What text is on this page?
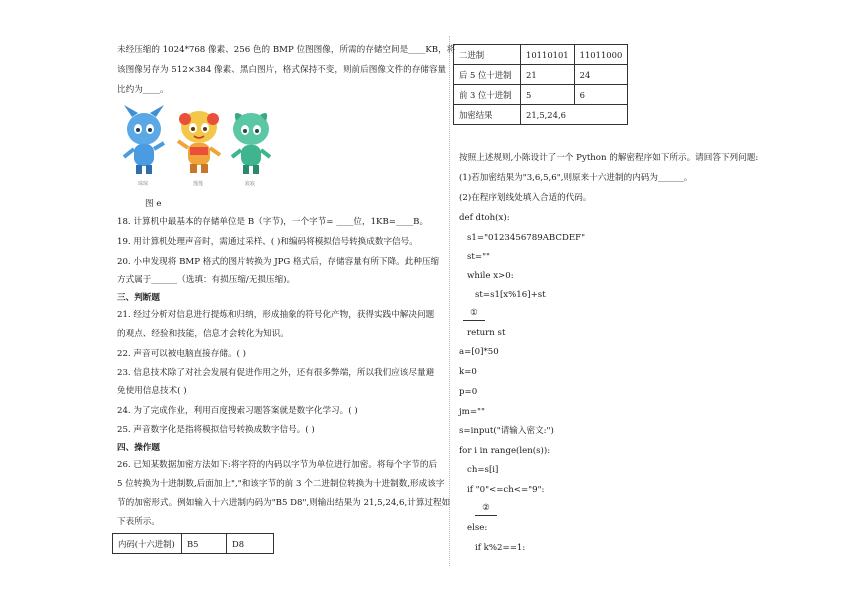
未经压缩的 1024*768 像素、256 色的 BMP 位图图像，所需的存储空间是____KB，将
该图像另存为 512×384 像素、黑白图片，格式保持不变，则前后图像文件的存储容量
比约为____。
琮琮	莲莲	宸宸
图 e
18. 计算机中最基本的存储单位是 B（字节)，一个字节= ____位，1KB=____B。
19. 用计算机处理声音时，需通过采样、( )和编码将模拟信号转换成数字信号。
20. 小申发现将 BMP 格式的图片转换为 JPG 格式后，存储容量有所下降。此种压缩
方式属于______（选填：有损压缩/无损压缩)。
三、判断题
21. 经过分析对信息进行提炼和归纳，形成抽象的符号化产物，获得实践中解决问题
的观点、经验和技能，信息才会转化为知识。
22. 声音可以被电脑直接存储。( )
23. 信息技术除了对社会发展有促进作用之外，还有很多弊端，所以我们应该尽量避
免使用信息技术( )
24. 为了完成作业，利用百度搜索习题答案就是数字化学习。( )
25. 声音数字化是指将模拟信号转换成数字信号。( )
四、操作题
26. 已知某数据加密方法如下:将字符的内码以字节为单位进行加密。将每个字节的后
5 位转换为十进制数,后面加上","和该字节的前 3 个二进制位转换为十进制数,形成该字
节的加密形式。例如输入十六进制内码为"B5 D8",则输出结果为 21,5,24,6,计算过程如
下表所示。
内码(十六进制)	B5	D8
二进制	10110101	11011000
后 5 位十进制	21	24
前 3 位十进制	5	6
加密结果	21,5,24,6	
按照上述规则,小陈设计了一个 Python 的解密程序如下所示。请回答下列问题:
(1)若加密结果为"3,6,5,6",则原来十六进制的内码为______。
(2)在程序划线处填入合适的代码。
def dtoh(x):
s1="0123456789ABCDEF"
st=""
while x>0:
st=s1[x%16]+st
①
return st
a=[0]*50
k=0
p=0
jm=""
s=input("请输入密文:")
for i in range(len(s)):
ch=s[i]
if "0"<=ch<="9":
②
else:
if k%2==1:
